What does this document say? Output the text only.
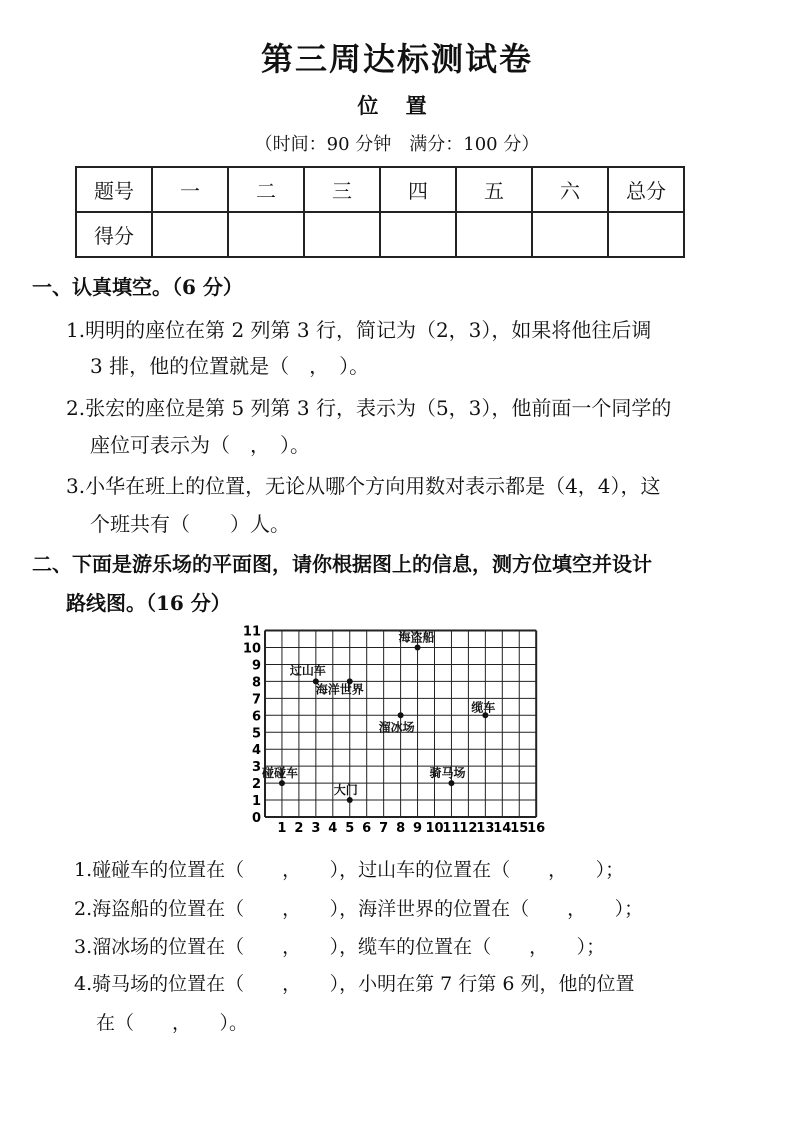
第三周达标测试卷
位 置
（时间：90 分钟　满分：100 分）
题号	一	二	三	四	五	六	总分
得分							
一、认真填空。（6 分）
1.明明的座位在第 2 列第 3 行，简记为（2，3），如果将他往后调
3 排，他的位置就是（　，　）。
2.张宏的座位是第 5 列第 3 行，表示为（5，3），他前面一个同学的
座位可表示为（　，　）。
3.小华在班上的位置，无论从哪个方向用数对表示都是（4，4），这
个班共有（　　）人。
二、下面是游乐场的平面图，请你根据图上的信息，测方位填空并设计
路线图。（16 分）
1 2 3 4 5 6 7 8 9 10
11
12
13
14
15
16
0
1
2
3
4
5
6
7
8
9
10
11	海盗船
过山车
海洋世界
缆车
溜冰场
骑马场
碰碰车
大门
1.碰碰车的位置在（　　，　　），过山车的位置在（　　，　　）；
2.海盗船的位置在（　　，　　），海洋世界的位置在（　　，　　）；
3.溜冰场的位置在（　　，　　），缆车的位置在（　　，　　）；
4.骑马场的位置在（　　，　　），小明在第 7 行第 6 列，他的位置
在（　　，　　）。
